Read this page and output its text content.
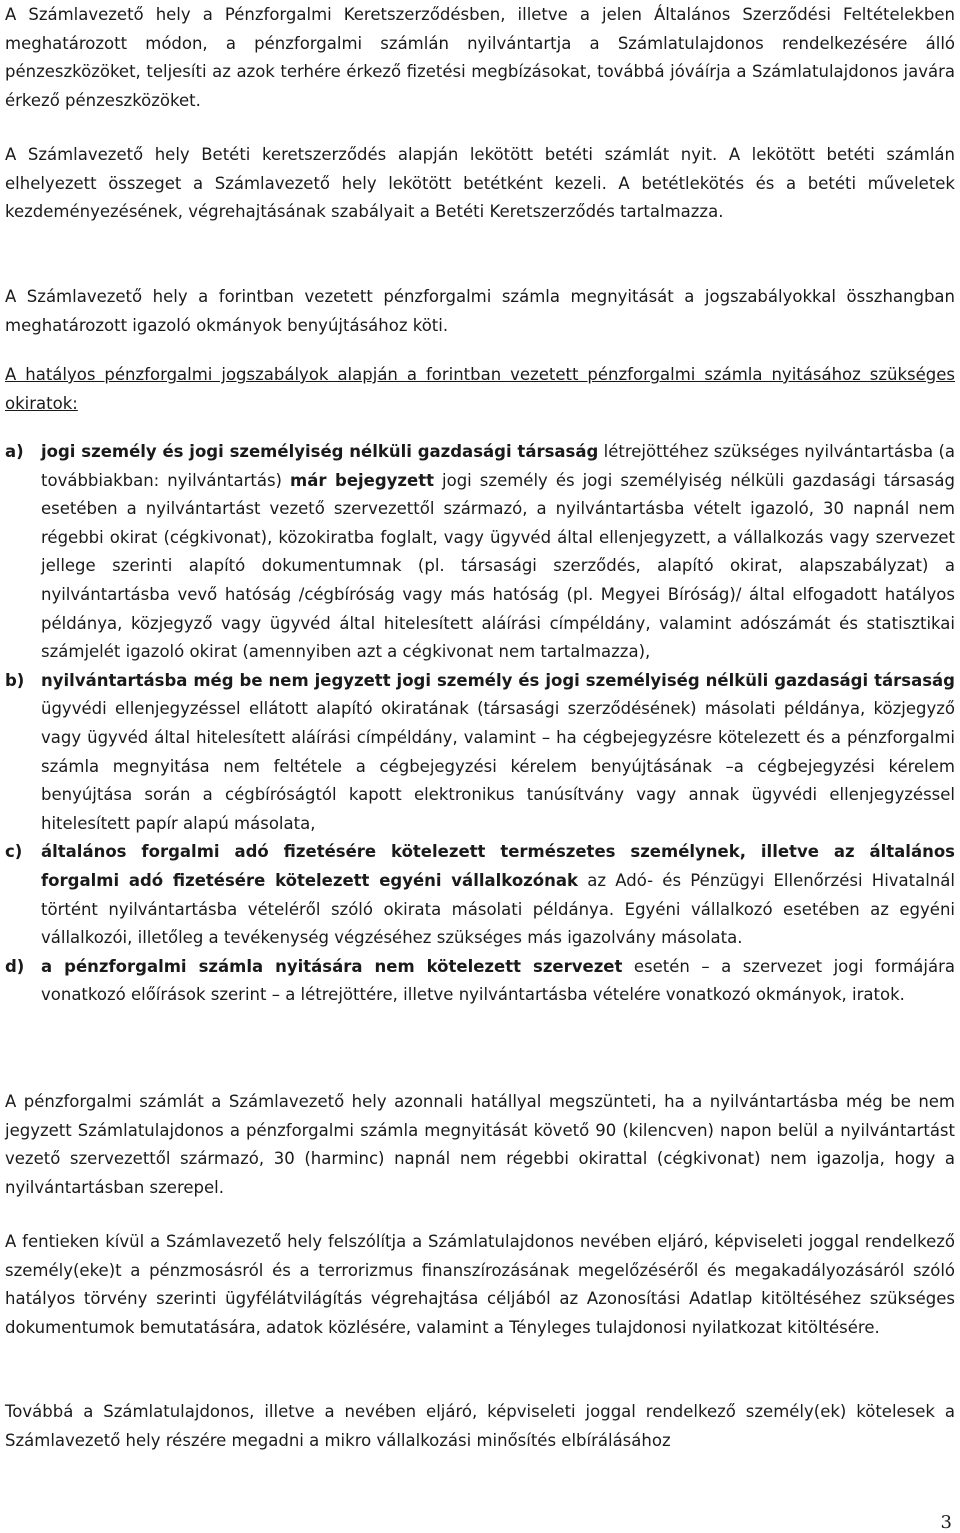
A Számlavezető hely a Pénzforgalmi Keretszerződésben, illetve a jelen Általános Szerződési Feltételekben meghatározott módon, a pénzforgalmi számlán nyilvántartja a Számlatulajdonos rendelkezésére álló pénzeszközöket, teljesíti az azok terhére érkező fizetési megbízásokat, továbbá jóváírja a Számlatulajdonos javára érkező pénzeszközöket.

A Számlavezető hely Betéti keretszerződés alapján lekötött betéti számlát nyit. A lekötött betéti számlán elhelyezett összeget a Számlavezető hely lekötött betétként kezeli. A betétlekötés és a betéti műveletek kezdeményezésének, végrehajtásának szabályait a Betéti Keretszerződés tartalmazza.

A Számlavezető hely a forintban vezetett pénzforgalmi számla megnyitását a jogszabályokkal összhangban meghatározott igazoló okmányok benyújtásához köti.

A hatályos pénzforgalmi jogszabályok alapján a forintban vezetett pénzforgalmi számla nyitásához szükséges okiratok:

a)	jogi személy és jogi személyiség nélküli gazdasági társaság létrejöttéhez szükséges nyilvántartásba (a továbbiakban: nyilvántartás) már bejegyzett jogi személy és jogi személyiség nélküli gazdasági társaság esetében a nyilvántartást vezető szervezettől származó, a nyilvántartásba vételt igazoló, 30 napnál nem régebbi okirat (cégkivonat), közokiratba foglalt, vagy ügyvéd által ellenjegyzett, a vállalkozás vagy szervezet jellege szerinti alapító dokumentumnak (pl. társasági szerződés, alapító okirat, alapszabályzat) a nyilvántartásba vevő hatóság /cégbíróság vagy más hatóság (pl. Megyei Bíróság)/ által elfogadott hatályos példánya, közjegyző vagy ügyvéd által hitelesített aláírási címpéldány, valamint adószámát és statisztikai számjelét igazoló okirat (amennyiben azt a cégkivonat nem tartalmazza),
b)	nyilvántartásba még be nem jegyzett jogi személy és jogi személyiség nélküli gazdasági társaság ügyvédi ellenjegyzéssel ellátott alapító okiratának (társasági szerződésének) másolati példánya, közjegyző vagy ügyvéd által hitelesített aláírási címpéldány, valamint – ha cégbejegyzésre kötelezett és a pénzforgalmi számla megnyitása nem feltétele a cégbejegyzési kérelem benyújtásának –a cégbejegyzési kérelem benyújtása során a cégbíróságtól kapott elektronikus tanúsítvány vagy annak ügyvédi ellenjegyzéssel hitelesített papír alapú másolata,
c)	általános forgalmi adó fizetésére kötelezett természetes személynek, illetve az általános forgalmi adó fizetésére kötelezett egyéni vállalkozónak az Adó- és Pénzügyi Ellenőrzési Hivatalnál történt nyilvántartásba vételéről szóló okirata másolati példánya. Egyéni vállalkozó esetében az egyéni vállalkozói, illetőleg a tevékenység végzéséhez szükséges más igazolvány másolata.
d)	a pénzforgalmi számla nyitására nem kötelezett szervezet esetén – a szervezet jogi formájára vonatkozó előírások szerint – a létrejöttére, illetve nyilvántartásba vételére vonatkozó okmányok, iratok.

A pénzforgalmi számlát a Számlavezető hely azonnali hatállyal megszünteti, ha a nyilvántartásba még be nem jegyzett Számlatulajdonos a pénzforgalmi számla megnyitását követő 90 (kilencven) napon belül a nyilvántartást vezető szervezettől származó, 30 (harminc) napnál nem régebbi okirattal (cégkivonat) nem igazolja, hogy a nyilvántartásban szerepel.

A fentieken kívül a Számlavezető hely felszólítja a Számlatulajdonos nevében eljáró, képviseleti joggal rendelkező személy(eke)t a pénzmosásról és a terrorizmus finanszírozásának megelőzéséről és megakadályozásáról szóló hatályos törvény szerinti ügyfélátvilágítás végrehajtása céljából az Azonosítási Adatlap kitöltéséhez szükséges dokumentumok bemutatására, adatok közlésére, valamint a Tényleges tulajdonosi nyilatkozat kitöltésére.

Továbbá a Számlatulajdonos, illetve a nevében eljáró, képviseleti joggal rendelkező személy(ek) kötelesek a Számlavezető hely részére megadni a mikro vállalkozási minősítés elbírálásához

3
